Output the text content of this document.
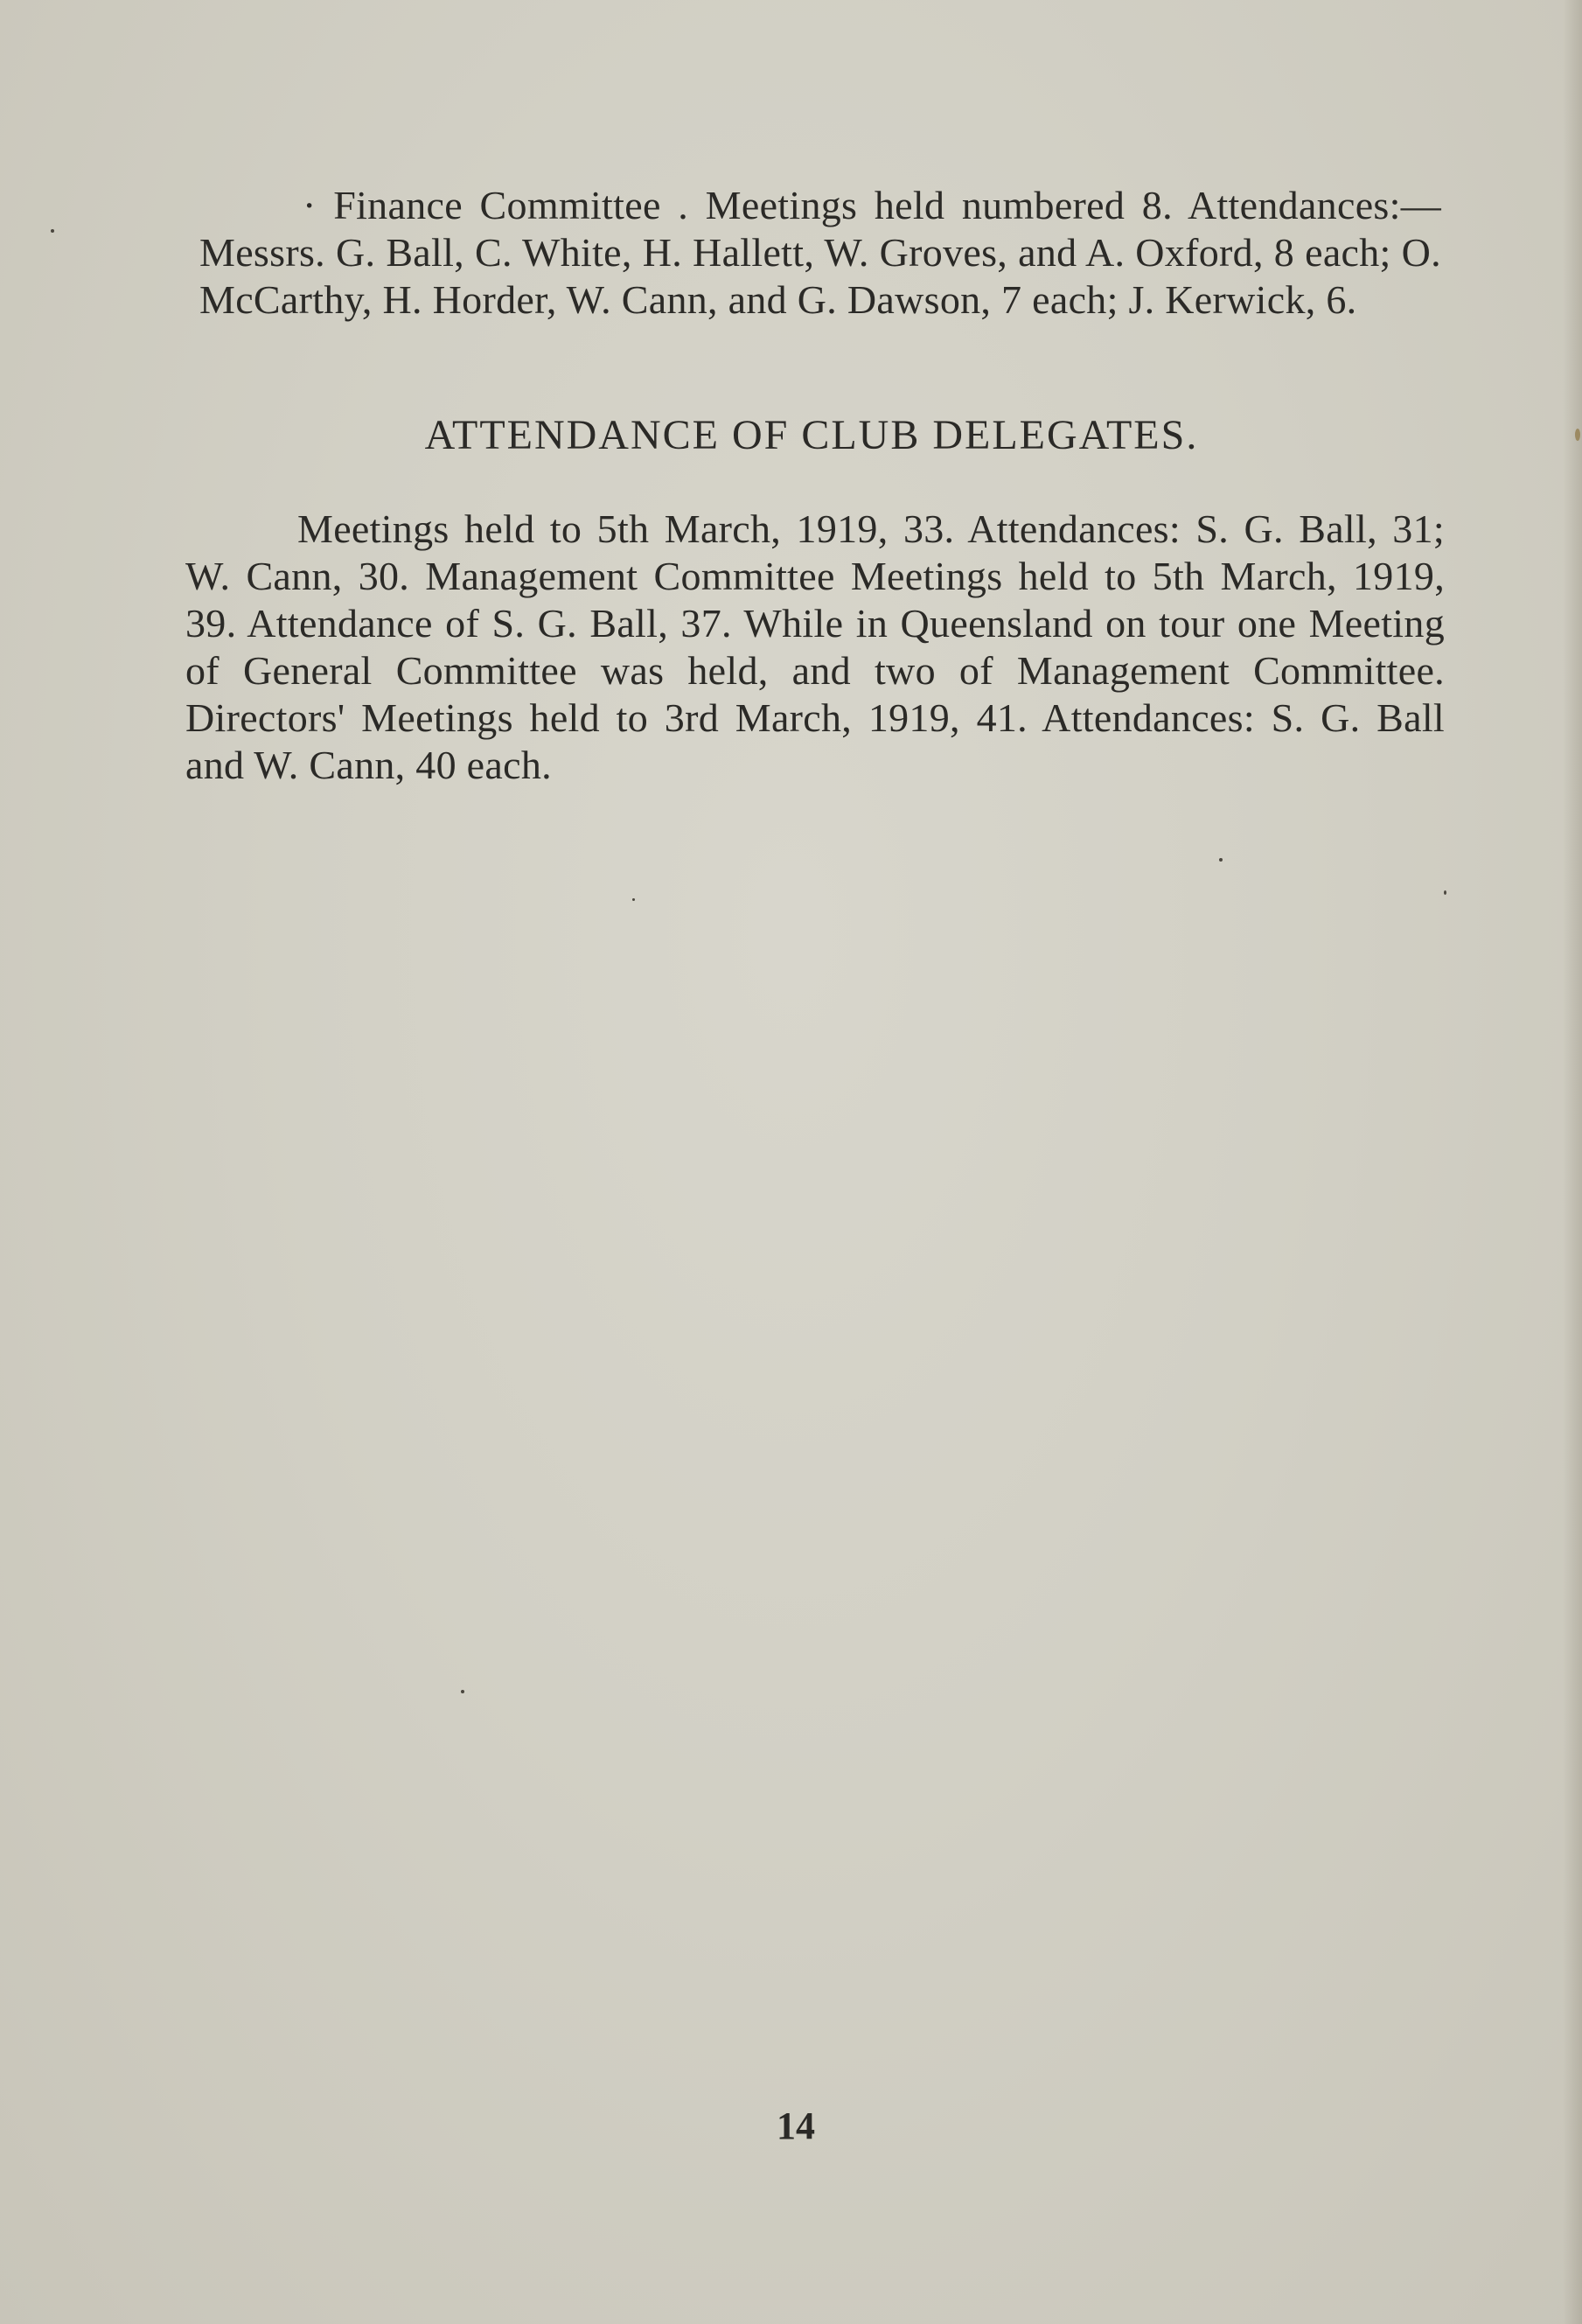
· Finance Committee . Meetings held numbered 8. Attendances:—Messrs. G. Ball, C. White, H. Hallett, W. Groves, and A. Oxford, 8 each; O. McCarthy, H. Horder, W. Cann, and G. Dawson, 7 each; J. Kerwick, 6.

ATTENDANCE OF CLUB DELEGATES.

Meetings held to 5th March, 1919, 33. Attendances: S. G. Ball, 31; W. Cann, 30. Management Committee Meetings held to 5th March, 1919, 39. Attendance of S. G. Ball, 37. While in Queensland on tour one Meeting of General Committee was held, and two of Management Committee. Directors' Meetings held to 3rd March, 1919, 41. Attendances: S. G. Ball and W. Cann, 40 each.

14
